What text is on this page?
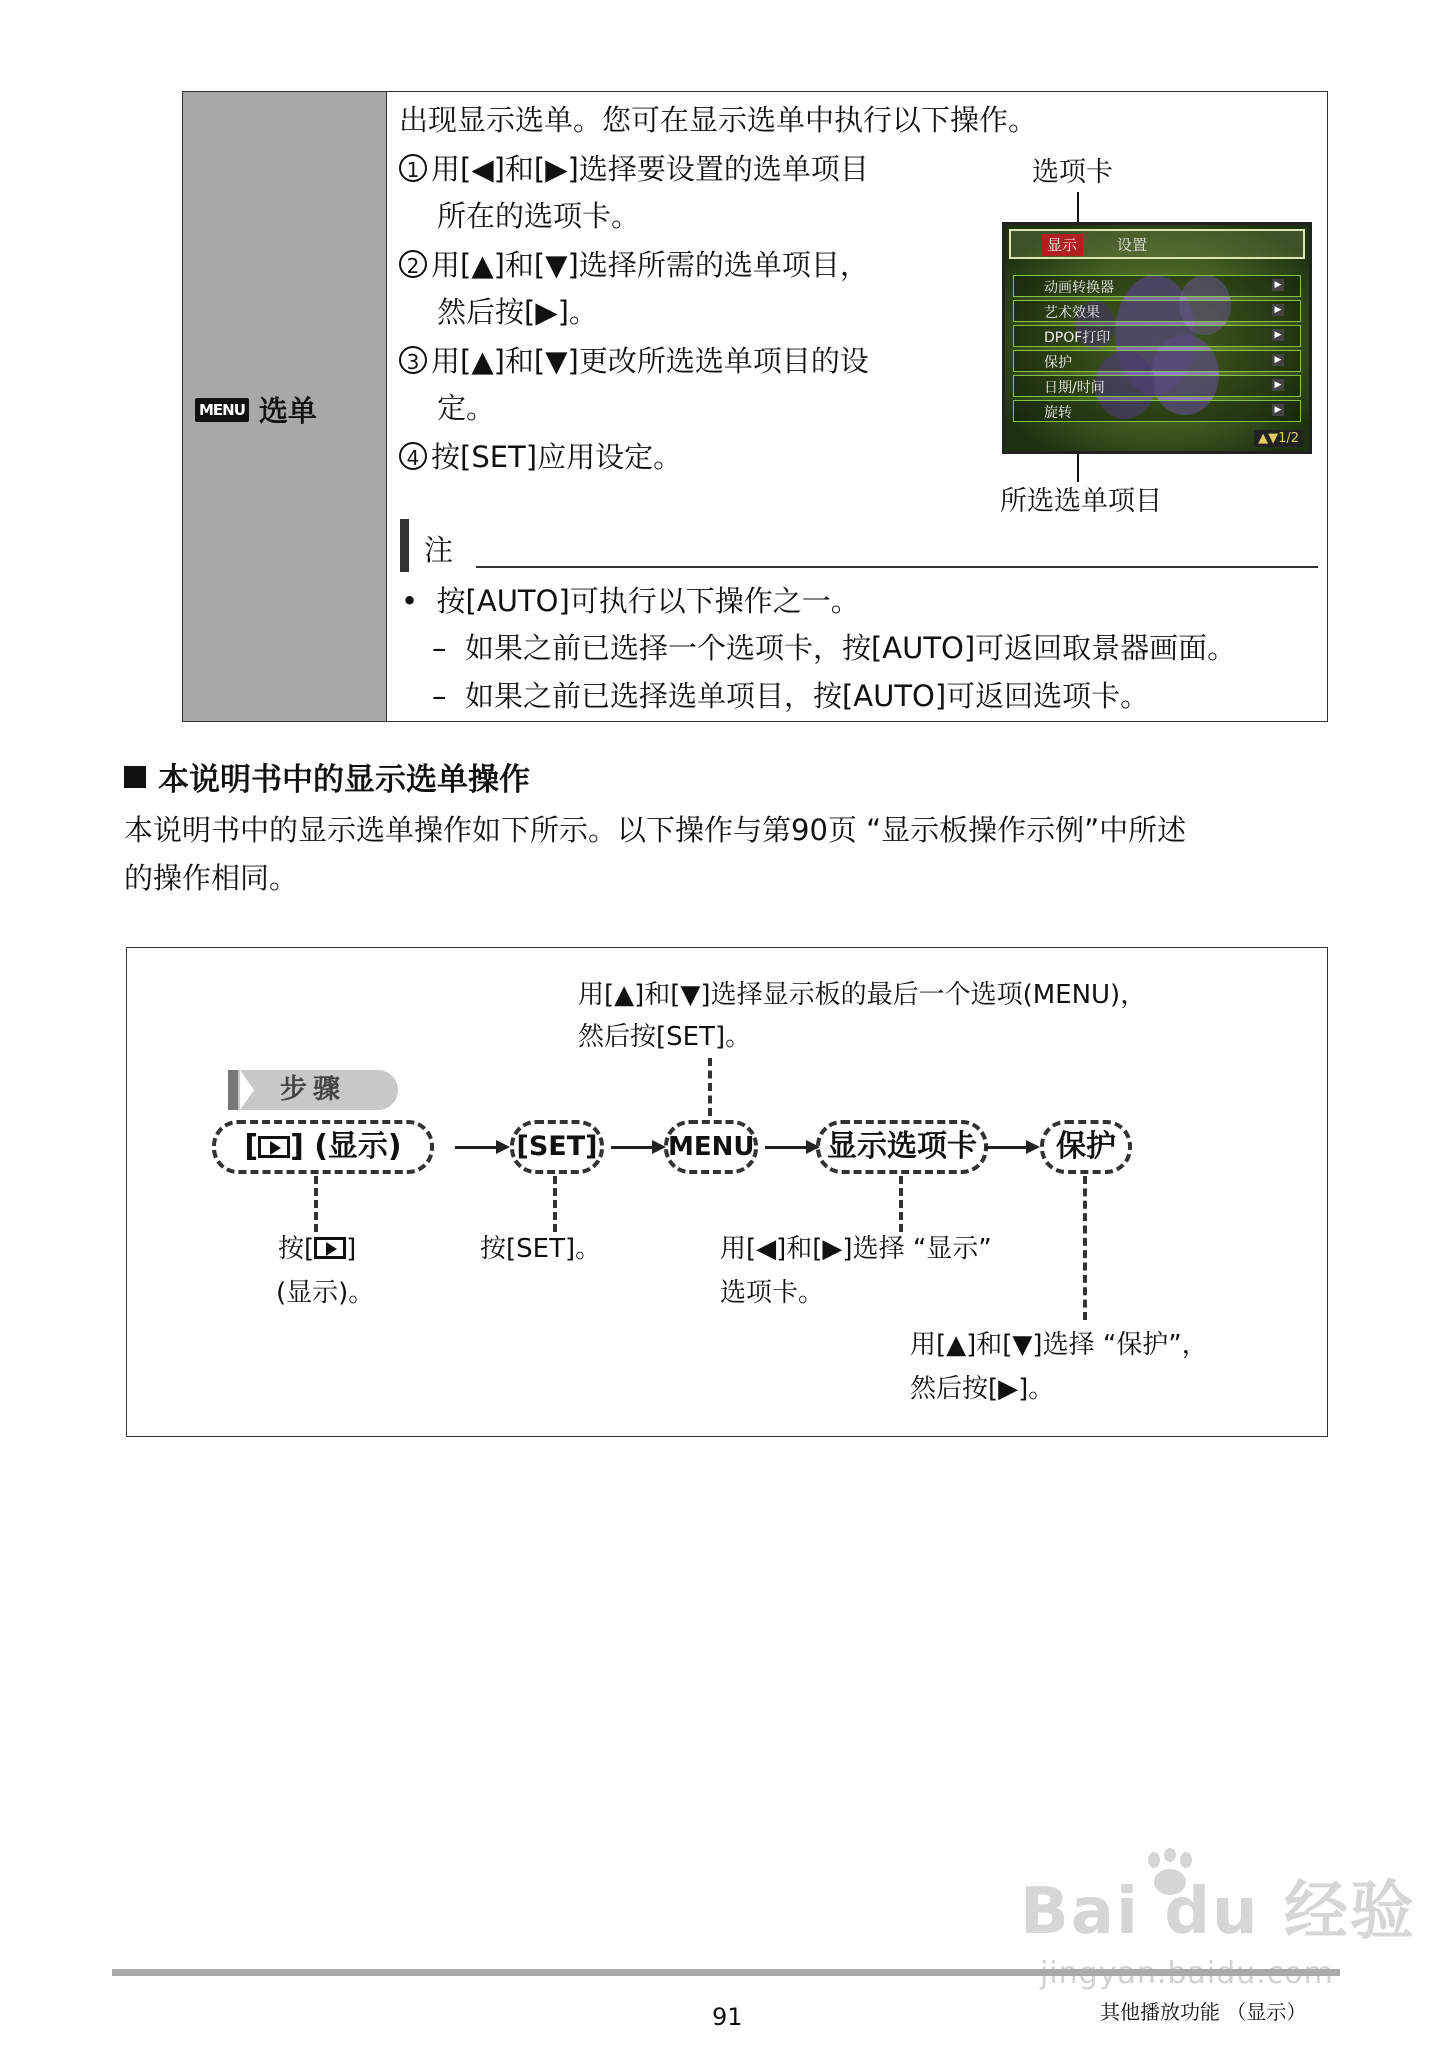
MENU 选单
出现显示选单。您可在显示选单中执行以下操作。
1 用[◀]和[▶]选择要设置的选单项目
所在的选项卡。
2 用[▲]和[▼]选择所需的选单项目，
然后按[▶]。
3 用[▲]和[▼]更改所选选单项目的设
定。
4 按[SET]应用设定。
选项卡
所选选单项目
显示	设置
动画转换器	▶
艺术效果	▶
DPOF打印	▶
保护	▶
日期/时间	▶
旋转	▶
▲▼1/2
注
•  按[AUTO]可执行以下操作之一。
–  如果之前已选择一个选项卡，按[AUTO]可返回取景器画面。
–  如果之前已选择选单项目，按[AUTO]可返回选项卡。
本说明书中的显示选单操作
本说明书中的显示选单操作如下所示。以下操作与第90页 “显示板操作示例”中所述
的操作相同。
用[▲]和[▼]选择显示板的最后一个选项(MENU)，
然后按[SET]。
步骤
[ ] (显示)	[SET]	MENU	显示选项卡	保护
按[ ]
(显示)。
按[SET]。	用[◀]和[▶]选择 “显示”
选项卡。
用[▲]和[▼]选择 “保护”，
然后按[▶]。
Bai du 经验
91	其他播放功能 （显示）
